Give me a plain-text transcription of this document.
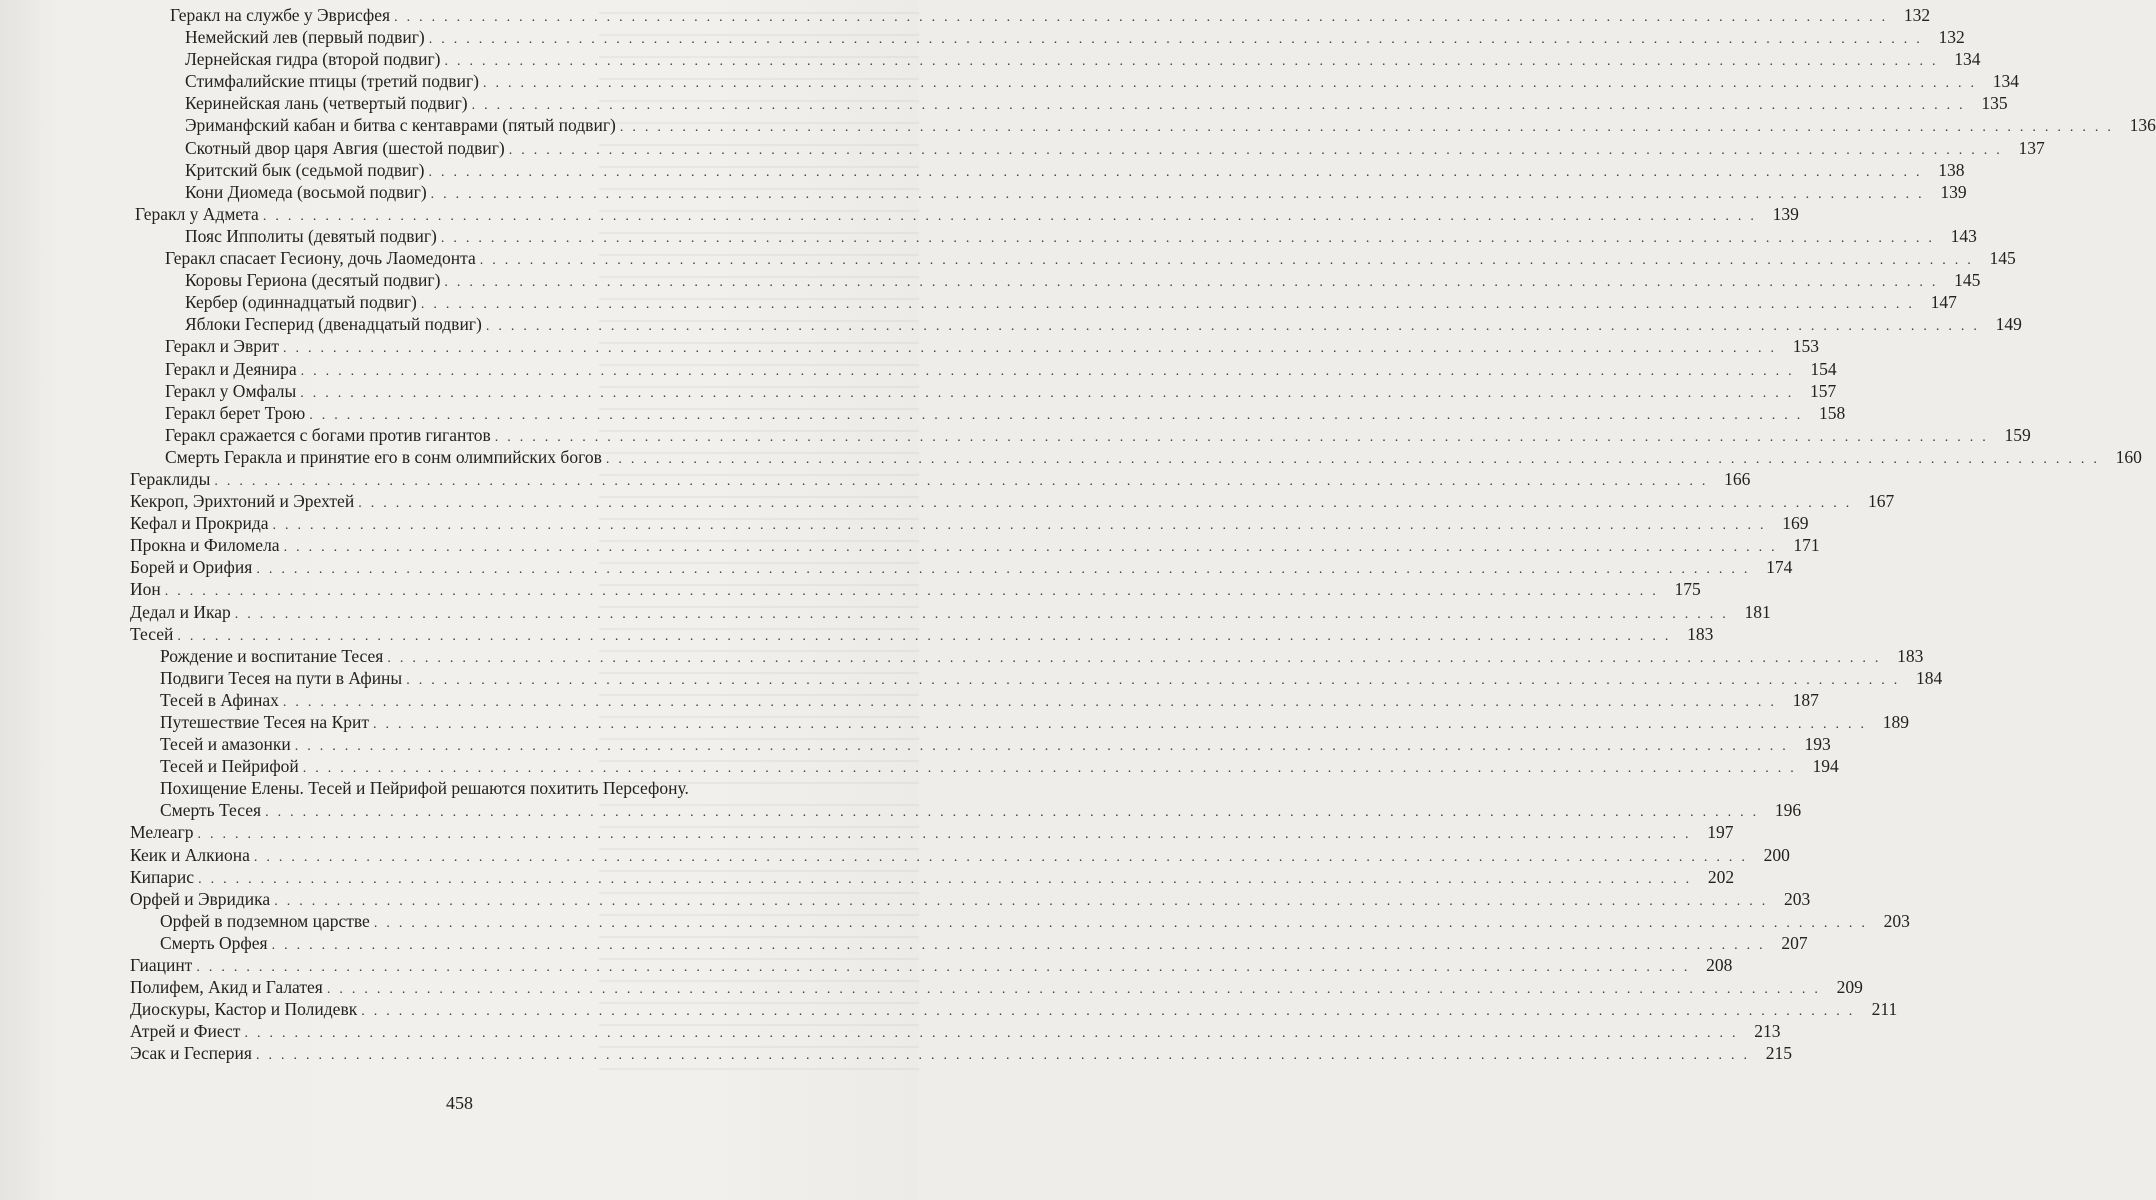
Геракл на службе у Эврисфея ........................................................................................................................ 132
Немейский лев (первый подвиг) ........................................................................................................................ 132
Лернейская гидра (второй подвиг) ........................................................................................................................ 134
Стимфалийские птицы (третий подвиг) ........................................................................................................................ 134
Керинейская лань (четвертый подвиг) ........................................................................................................................ 135
Эриманфский кабан и битва с кентаврами (пятый подвиг) ........................................................................................................................ 136
Скотный двор царя Авгия (шестой подвиг) ........................................................................................................................ 137
Критский бык (седьмой подвиг) ........................................................................................................................ 138
Кони Диомеда (восьмой подвиг) ........................................................................................................................ 139
Геракл у Адмета ........................................................................................................................ 139
Пояс Ипполиты (девятый подвиг) ........................................................................................................................ 143
Геракл спасает Гесиону, дочь Лаомедонта ........................................................................................................................ 145
Коровы Гериона (десятый подвиг) ........................................................................................................................ 145
Кербер (одиннадцатый подвиг) ........................................................................................................................ 147
Яблоки Гесперид (двенадцатый подвиг) ........................................................................................................................ 149
Геракл и Эврит ........................................................................................................................ 153
Геракл и Деянира ........................................................................................................................ 154
Геракл у Омфалы ........................................................................................................................ 157
Геракл берет Трою ........................................................................................................................ 158
Геракл сражается с богами против гигантов ........................................................................................................................ 159
Смерть Геракла и принятие его в сонм олимпийских богов ........................................................................................................................ 160
Гераклиды ........................................................................................................................ 166
Кекроп, Эрихтоний и Эрехтей ........................................................................................................................ 167
Кефал и Прокрида ........................................................................................................................ 169
Прокна и Филомела ........................................................................................................................ 171
Борей и Орифия ........................................................................................................................ 174
Ион ........................................................................................................................ 175
Дедал и Икар ........................................................................................................................ 181
Тесей ........................................................................................................................ 183
Рождение и воспитание Тесея ........................................................................................................................ 183
Подвиги Тесея на пути в Афины ........................................................................................................................ 184
Тесей в Афинах ........................................................................................................................ 187
Путешествие Тесея на Крит ........................................................................................................................ 189
Тесей и амазонки ........................................................................................................................ 193
Тесей и Пейрифой ........................................................................................................................ 194
Похищение Елены. Тесей и Пейрифой решаются похитить Персефону.
Смерть Тесея ........................................................................................................................ 196
Мелеагр ........................................................................................................................ 197
Кеик и Алкиона ........................................................................................................................ 200
Кипарис ........................................................................................................................ 202
Орфей и Эвридика ........................................................................................................................ 203
Орфей в подземном царстве ........................................................................................................................ 203
Смерть Орфея ........................................................................................................................ 207
Гиацинт ........................................................................................................................ 208
Полифем, Акид и Галатея ........................................................................................................................ 209
Диоскуры, Кастор и Полидевк ........................................................................................................................ 211
Атрей и Фиест ........................................................................................................................ 213
Эсак и Гесперия ........................................................................................................................ 215
458
